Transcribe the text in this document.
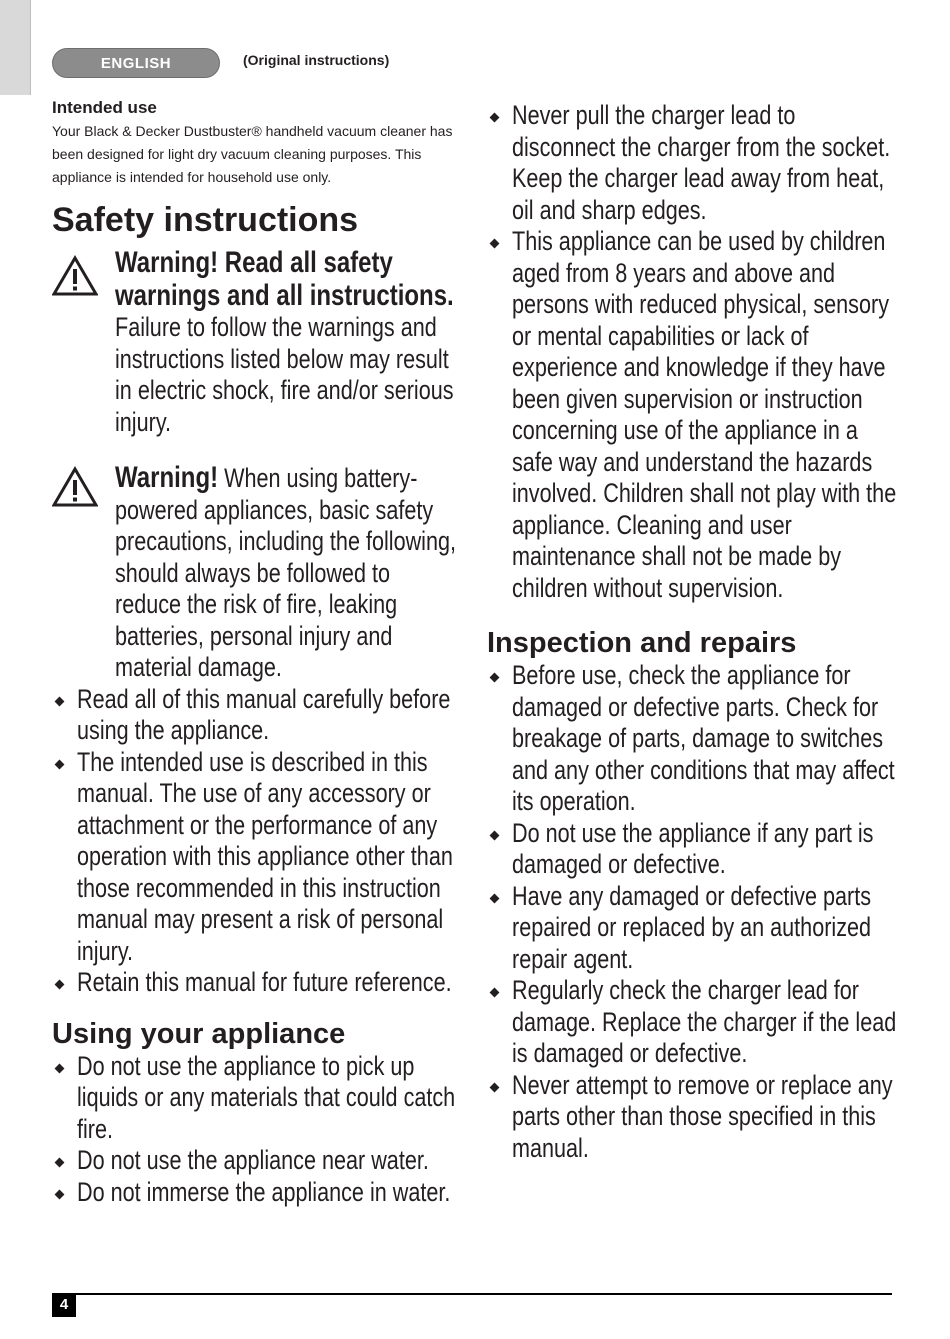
ENGLISH	(Original instructions)

Intended use

Your Black & Decker Dustbuster® handheld vacuum cleaner has been designed for light dry vacuum cleaning purposes. This appliance is intended for household use only.

Safety instructions

Warning! Read all safety warnings and all instructions. Failure to follow the warnings and instructions listed below may result in electric shock, fire and/or serious injury.

Warning! When using battery-powered appliances, basic safety precautions, including the following, should always be followed to reduce the risk of fire, leaking batteries, personal injury and material damage.

Read all of this manual carefully before using the appliance.
The intended use is described in this manual. The use of any accessory or attachment or the performance of any operation with this appliance other than those recommended in this instruction manual may present a risk of personal injury.
Retain this manual for future reference.
Using your appliance
Do not use the appliance to pick up liquids or any materials that could catch fire.
Do not use the appliance near water.
Do not immerse the appliance in water.
Never pull the charger lead to disconnect the charger from the socket. Keep the charger lead away from heat, oil and sharp edges.
This appliance can be used by children aged from 8 years and above and persons with reduced physical, sensory or mental capabilities or lack of experience and knowledge if they have been given supervision or instruction concerning use of the appliance in a safe way and understand the hazards involved. Children shall not play with the appliance. Cleaning and user maintenance shall not be made by children without supervision.
Inspection and repairs
Before use, check the appliance for damaged or defective parts. Check for breakage of parts, damage to switches and any other conditions that may affect its operation.
Do not use the appliance if any part is damaged or defective.
Have any damaged or defective parts repaired or replaced by an authorized repair agent.
Regularly check the charger lead for damage. Replace the charger if the lead is damaged or defective.
Never attempt to remove or replace any parts other than those specified in this manual.
4
